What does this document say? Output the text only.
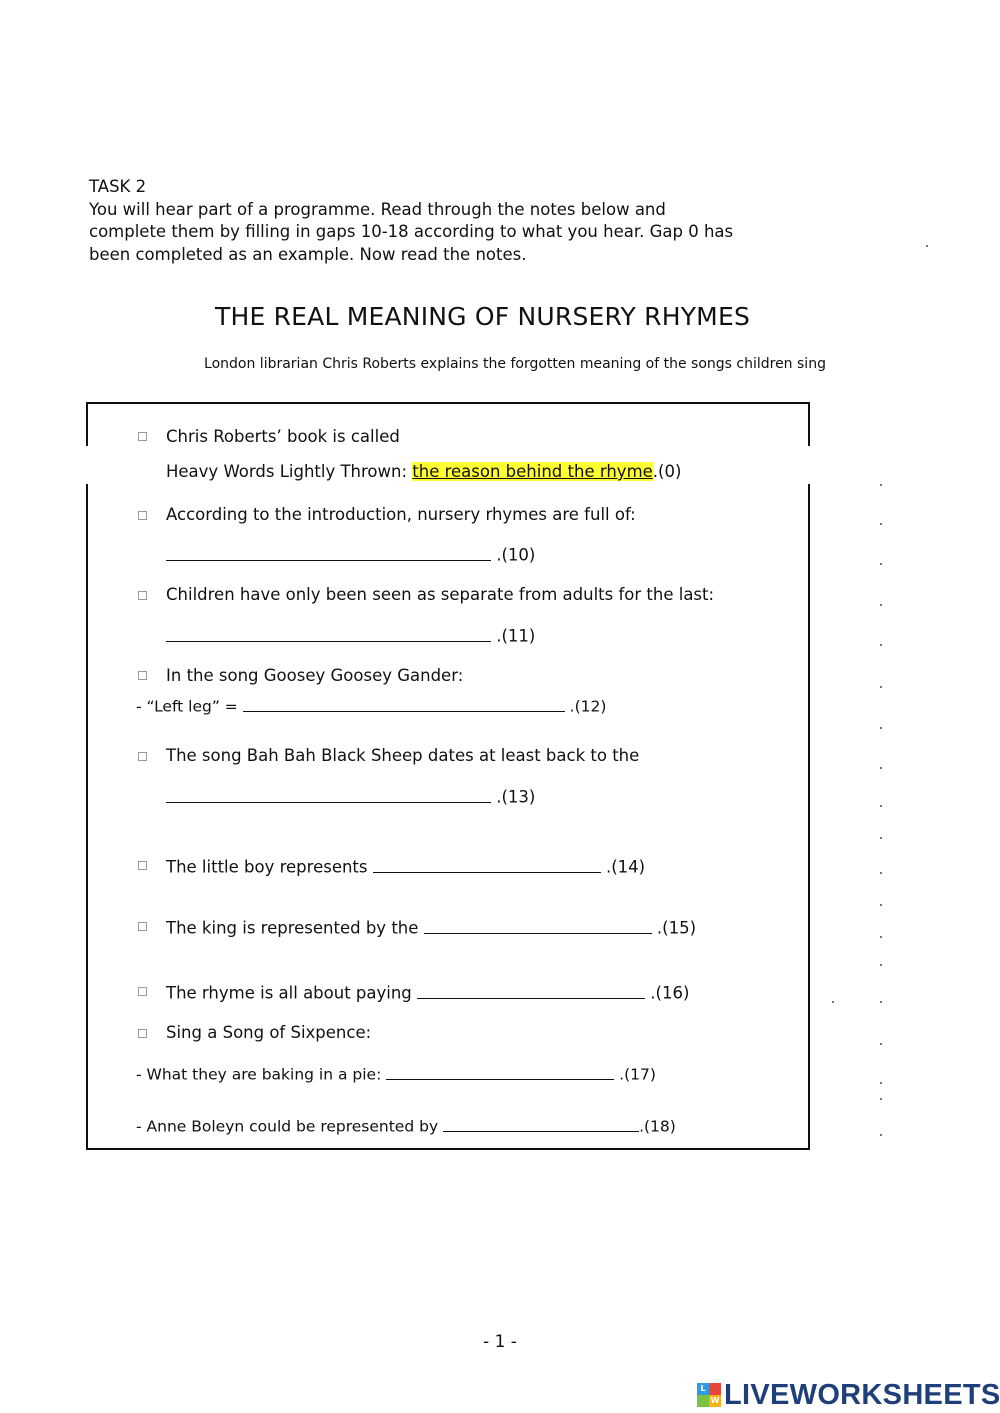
TASK 2
You will hear part of a programme. Read through the notes below and
complete them by filling in gaps 10-18 according to what you hear. Gap 0 has
been completed as an example. Now read the notes.
THE REAL MEANING OF NURSERY RHYMES
London librarian Chris Roberts explains the forgotten meaning of the songs children sing
Chris Roberts’ book is called
Heavy Words Lightly Thrown: the reason behind the rhyme.(0)
According to the introduction, nursery rhymes are full of:
.(10)
Children have only been seen as separate from adults for the last:
.(11)
In the song Goosey Goosey Gander:
- “Left leg” =	.(12)
The song Bah Bah Black Sheep dates at least back to the
.(13)
The little boy represents	.(14)
The king is represented by the	.(15)
The rhyme is all about paying	.(16)
Sing a Song of Sixpence:
- What they are baking in a pie:	.(17)
- Anne Boleyn could be represented by	.(18)
- 1 -
L
W LIVEWORKSHEETS
